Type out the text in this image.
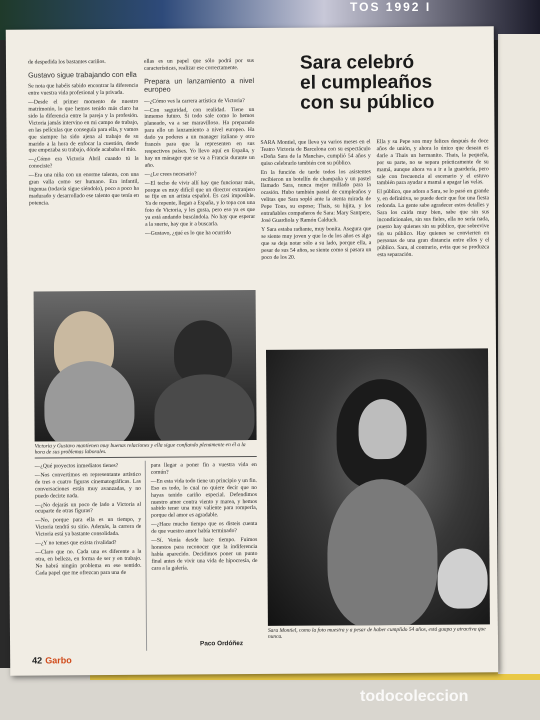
TOS 1992 I

de despedida los bastantes cariños.

Gustavo sigue trabajando con ella

Se nota que habéis sabido encontrar la diferencia entre vuestra vida profesional y la privada.

—Desde el primer momento de nuestro matrimonio, lo que hemos tenido más claro ha sido la diferencia entre la pareja y la profesión. Victoria jamás intervino en mi campo de trabajo, en las películas que conseguía para ella, y vamos que siempre ha sido ajena al trabajo de su marido a la hora de enfocar la cuestión, desde que empezaba su trabajo, dónde acababa el mío.

—¿Cómo era Victoria Abril cuando tú la conociste?

—Era una niña con un enorme talento, con una gran valla como ser humano. Era infantil, ingenua (todavía sigue siéndolo), poco a poco ha madurado y desarrollado ese talento que tenía en potencia.

ellas es un papel que sólo podrá por sus características, realizar ese correctamente.

Prepara un lanzamiento a nivel europeo

—¿Cómo ves la carrera artística de Victoria?

—Con seguridad, con realidad. Tiene un inmenso futuro. Si todo sale como lo hemos planeado, va a ser maravilloso. Ha preparado para ello un lanzamiento a nivel europeo. Ha dado ya poderes a un manager italiano y otro francés para que la representen en sus respectivos países. Yo llevo aquí en España, y hay un mánager que se va a Francia durante un año.

—¿Le crees necesario?

—El techo de vivir allí hay que funcionar más, porque es muy difícil que un director extranjero se fije en un artista español. Es casi imposible. Ya de repente, llegan a España, y lo topa con una foto de Victoria, y les gusta, pero eso ya es que ya está andando buscándola. No hay que esperar a la suerte, hay que ir a buscarla.

—Gustavo, ¿qué es lo que ha ocurrido

Sara celebró
el cumpleaños
con su público

SARA Montiel, que lleva ya varios meses en el Teatro Victoria de Barcelona con su espectáculo «Doña Sara de la Mancha», cumplió 54 años y quiso celebrarlo también con su público.

En la función de tarde todos los asistentes recibieron un botellín de champaña y un pastel llamado Sara, nunca mejor millado para la ocasión. Hubo también pastel de cumpleaños y velitas que Sara sopló ante la atenta mirada de Pepe Tous, su esposo; Thais, su hijita, y los entrañables compañeros de Sara: Mary Santpere, José Guardiola y Ramón Calduch.

Y Sara estaba radiante, muy bonita. Asegura que se siente muy joven y que lo de los años es algo que se deja notar sólo a su lado, porque ella, a pesar de sus 54 años, se siente como si pasara un poco de los 20.

Ella y su Pepe son muy felices después de doce años de unión, y ahora lo único que desean es darle a Thais un hermanito. Thais, la pequeña, por su parte, no se separa prácticamente de su mamá, aunque ahora va a ir a la guardería, pero sale con frecuencia al escenario y el estuvo también para ayudar a mamá a apagar las velas.

El público, que adora a Sara, se lo pasó en grande y, en definitiva, se puede decir que fue una fiesta redonda. La gente sabe agradecer estos detalles y Sara los cuida muy bien, sabe que sin sus incondicionales, sin sus fieles, ella no sería nada, puesto hay quienes sin su público, que sobrevive sin su público. Hay quienes se convierten en personas de una gran distancia entre ellos y el público. Sara, al contrario, evita que se produzca esta separación.

Victoria y Gustavo mantienen muy buenas relaciones y ella sigue confiando plenamente en él a la hora de sus problemas laborales.

—¿Qué proyectos inmediatos tienes?

—Nos convertimos en representante artístico de tres o cuatro figuras cinematográficas. Las conversaciones están muy avanzadas, y no puedo decirte nada.

—¿No dejarás un poco de lado a Victoria al ocuparte de otras figuras?

—No, porque para ella es un tiempo, y Victoria tendrá su sitio. Además, la carrera de Victoria está ya bastante consolidada.

—¿Y no temes que exista rivalidad?

—Claro que no. Cada una es diferente a la otra, en belleza, en forma de ser y en trabajo. No habrá ningún problema en ese sentido. Cada papel que me ofrezcan para una de

para llegar a poner fin a vuestra vida en común?

—En esta vida todo tiene un principio y un fin. Eso es todo, lo cual no quiere decir que no hayas tenido cariño especial. Defendimos nuestro amor contra viento y marea, y hemos sabido tener una muy valiente para romperla, porque del amor es agradable.

—¿Hace mucho tiempo que os disteis cuenta de que vuestro amor había terminado?

—Sí. Venía desde hace tiempo. Fuimos honestos para reconocer que la indiferencia había aparecido. Decidimos poner un punto final antes de vivir una vida de hipocresía, de cara a la galería.

Paco Ordóñez
Sara Montiel, como la foto muestra y a pesar de haber cumplido 54 años, está guapa y atractiva que nunca.
42 Garbo
todocoleccion
